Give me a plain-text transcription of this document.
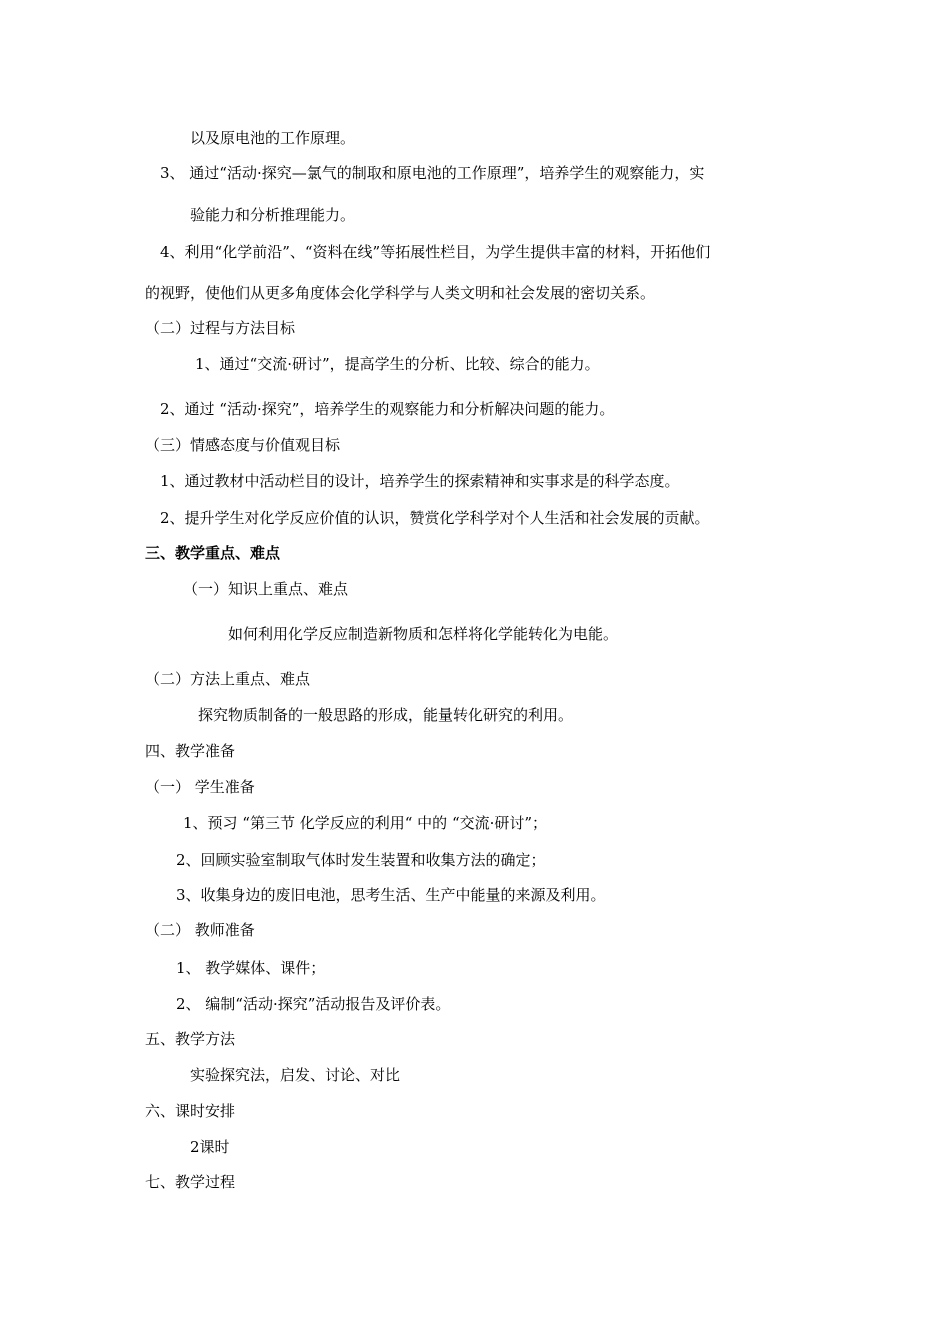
以及原电池的工作原理。
3、 通过“活动·探究—氯气的制取和原电池的工作原理”，培养学生的观察能力，实
验能力和分析推理能力。
4、利用“化学前沿”、“资料在线”等拓展性栏目，为学生提供丰富的材料，开拓他们
的视野，使他们从更多角度体会化学科学与人类文明和社会发展的密切关系。
（二）过程与方法目标
1、通过“交流·研讨”，提高学生的分析、比较、综合的能力。
2、通过 “活动·探究”，培养学生的观察能力和分析解决问题的能力。
（三）情感态度与价值观目标
1、通过教材中活动栏目的设计，培养学生的探索精神和实事求是的科学态度。
2、提升学生对化学反应价值的认识，赞赏化学科学对个人生活和社会发展的贡献。
三、教学重点、难点
（一）知识上重点、难点
如何利用化学反应制造新物质和怎样将化学能转化为电能。
（二）方法上重点、难点
探究物质制备的一般思路的形成，能量转化研究的利用。
四、教学准备
（一） 学生准备
1、预习 “第三节 化学反应的利用“ 中的 “交流·研讨”；
2、回顾实验室制取气体时发生装置和收集方法的确定；
3、收集身边的废旧电池，思考生活、生产中能量的来源及利用。
（二） 教师准备
1、 教学媒体、课件；
2、 编制“活动·探究”活动报告及评价表。
五、教学方法
实验探究法，启发、讨论、对比
六、课时安排
2课时
七、教学过程
